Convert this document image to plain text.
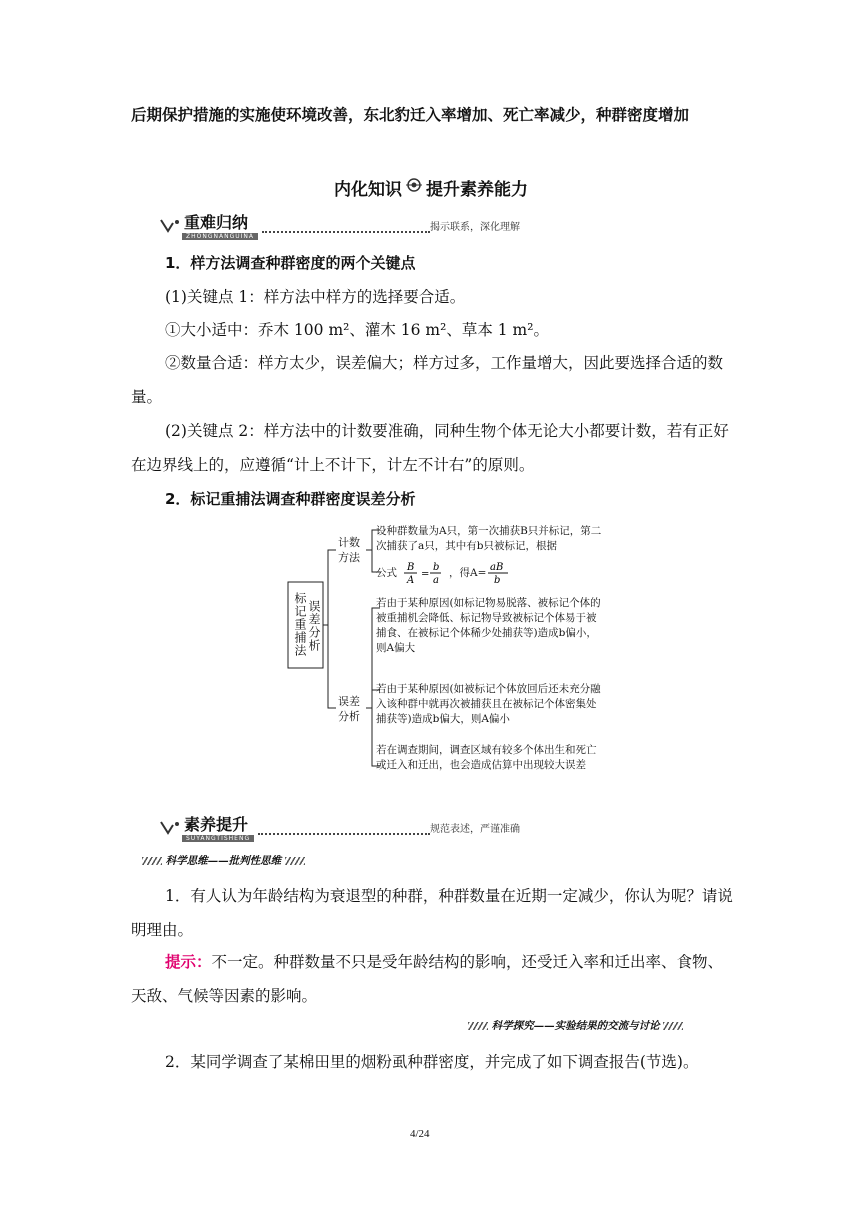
后期保护措施的实施使环境改善，东北豹迁入率增加、死亡率减少，种群密度增加
内化知识 提升素养能力
重难归纳
ZHONGNANGUINA
揭示联系，深化理解
1．样方法调查种群密度的两个关键点
(1)关键点 1：样方法中样方的选择要合适。
①大小适中：乔木 100 m²、灌木 16 m²、草本 1 m²。
②数量合适：样方太少，误差偏大；样方过多，工作量增大，因此要选择合适的数量。
(2)关键点 2：样方法中的计数要准确，同种生物个体无论大小都要计数，若有正好在边界线上的，应遵循“计上不计下，计左不计右”的原则。
2．标记重捕法调查种群密度误差分析
标记重捕法 误差分析
计数方法
设种群数量为A只，第一次捕获B只并标记，第二次捕获了a只，其中有b只被标记，根据
公式 B
A
=
b
a
，得A= aB
b
误差分析
若由于某种原因(如标记物易脱落、被标记个体的被重捕机会降低、标记物导致被标记个体易于被捕食、在被标记个体稀少处捕获等)造成b偏小，则A偏大
若由于某种原因(如被标记个体放回后还未充分融入该种群中就再次被捕获且在被标记个体密集处捕获等)造成b偏大，则A偏小
若在调查期间，调查区域有较多个体出生和死亡或迁入和迁出，也会造成估算中出现较大误差
素养提升
SUYANGTISHENG
规范表述，严谨准确
科学思维——批判性思维
1．有人认为年龄结构为衰退型的种群，种群数量在近期一定减少，你认为呢？请说明理由。
提示：不一定。种群数量不只是受年龄结构的影响，还受迁入率和迁出率、食物、天敌、气候等因素的影响。
科学探究——实验结果的交流与讨论
2．某同学调查了某棉田里的烟粉虱种群密度，并完成了如下调查报告(节选)。
4/24
